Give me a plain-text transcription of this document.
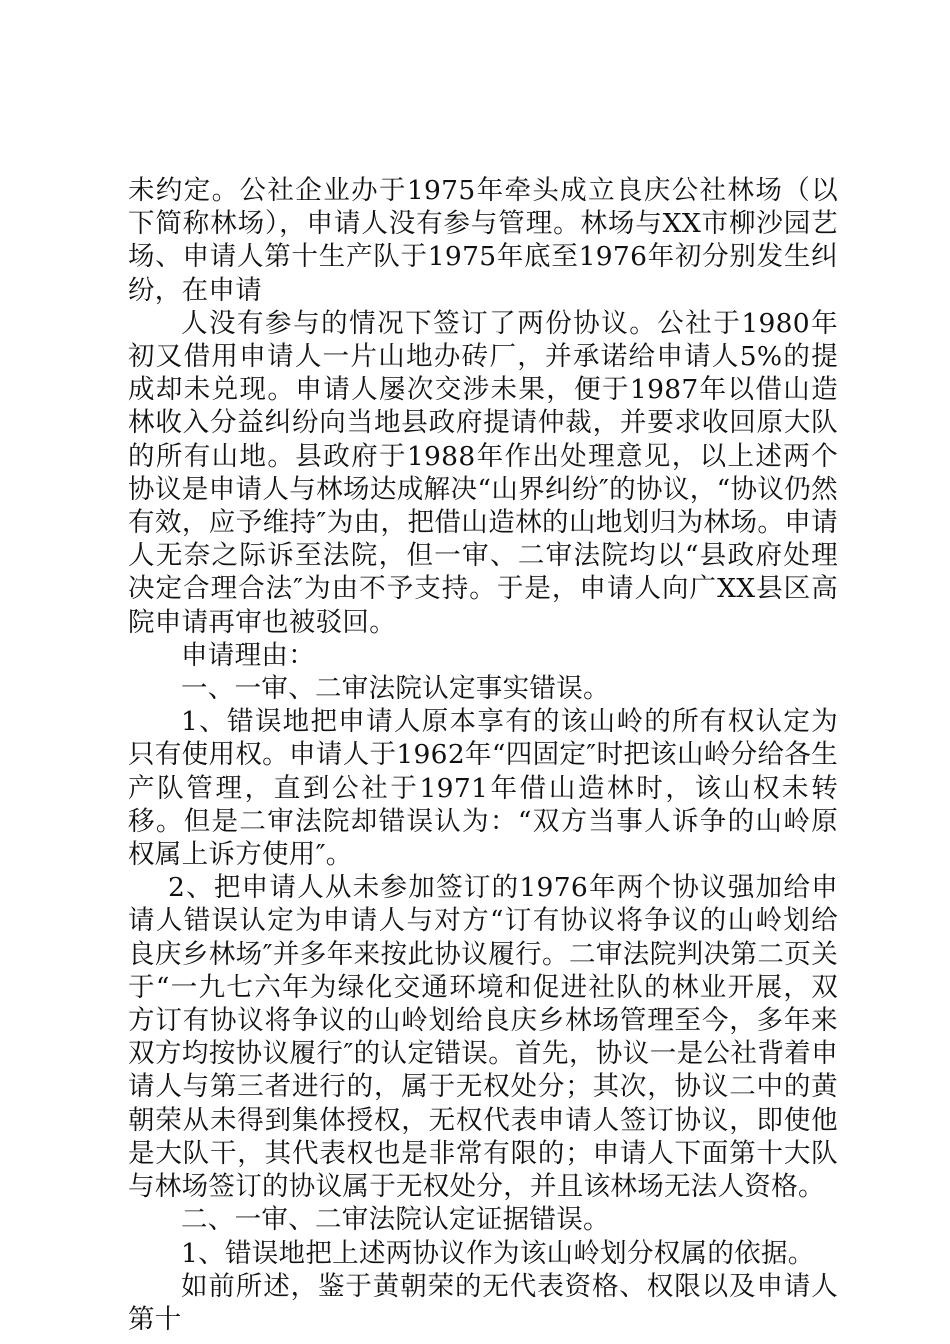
未约定。公社企业办于1975年牵头成立良庆公社林场（以下简称林场），申请人没有参与管理。林场与XX市柳沙园艺场、申请人第十生产队于1975年底至1976年初分别发生纠纷，在申请

人没有参与的情况下签订了两份协议。公社于1980年初又借用申请人一片山地办砖厂，并承诺给申请人5%的提成却未兑现。申请人屡次交涉未果，便于1987年以借山造林收入分益纠纷向当地县政府提请仲裁，并要求收回原大队的所有山地。县政府于1988年作出处理意见，以上述两个协议是申请人与林场达成解决“山界纠纷″的协议，“协议仍然有效，应予维持″为由，把借山造林的山地划归为林场。申请人无奈之际诉至法院，但一审、二审法院均以“县政府处理决定合理合法″为由不予支持。于是，申请人向广XX县区高院申请再审也被驳回。

申请理由：

一、一审、二审法院认定事实错误。

1、错误地把申请人原本享有的该山岭的所有权认定为只有使用权。申请人于1962年“四固定″时把该山岭分给各生产队管理，直到公社于1971年借山造林时，该山权未转移。但是二审法院却错误认为：“双方当事人诉争的山岭原权属上诉方使用″。

2、把申请人从未参加签订的1976年两个协议强加给申请人错误认定为申请人与对方“订有协议将争议的山岭划给良庆乡林场″并多年来按此协议履行。二审法院判决第二页关于“一九七六年为绿化交通环境和促进社队的林业开展，双方订有协议将争议的山岭划给良庆乡林场管理至今，多年来双方均按协议履行″的认定错误。首先，协议一是公社背着申请人与第三者进行的，属于无权处分；其次，协议二中的黄朝荣从未得到集体授权，无权代表申请人签订协议，即使他是大队干，其代表权也是非常有限的；申请人下面第十大队与林场签订的协议属于无权处分，并且该林场无法人资格。

二、一审、二审法院认定证据错误。

1、错误地把上述两协议作为该山岭划分权属的依据。

如前所述，鉴于黄朝荣的无代表资格、权限以及申请人第十
